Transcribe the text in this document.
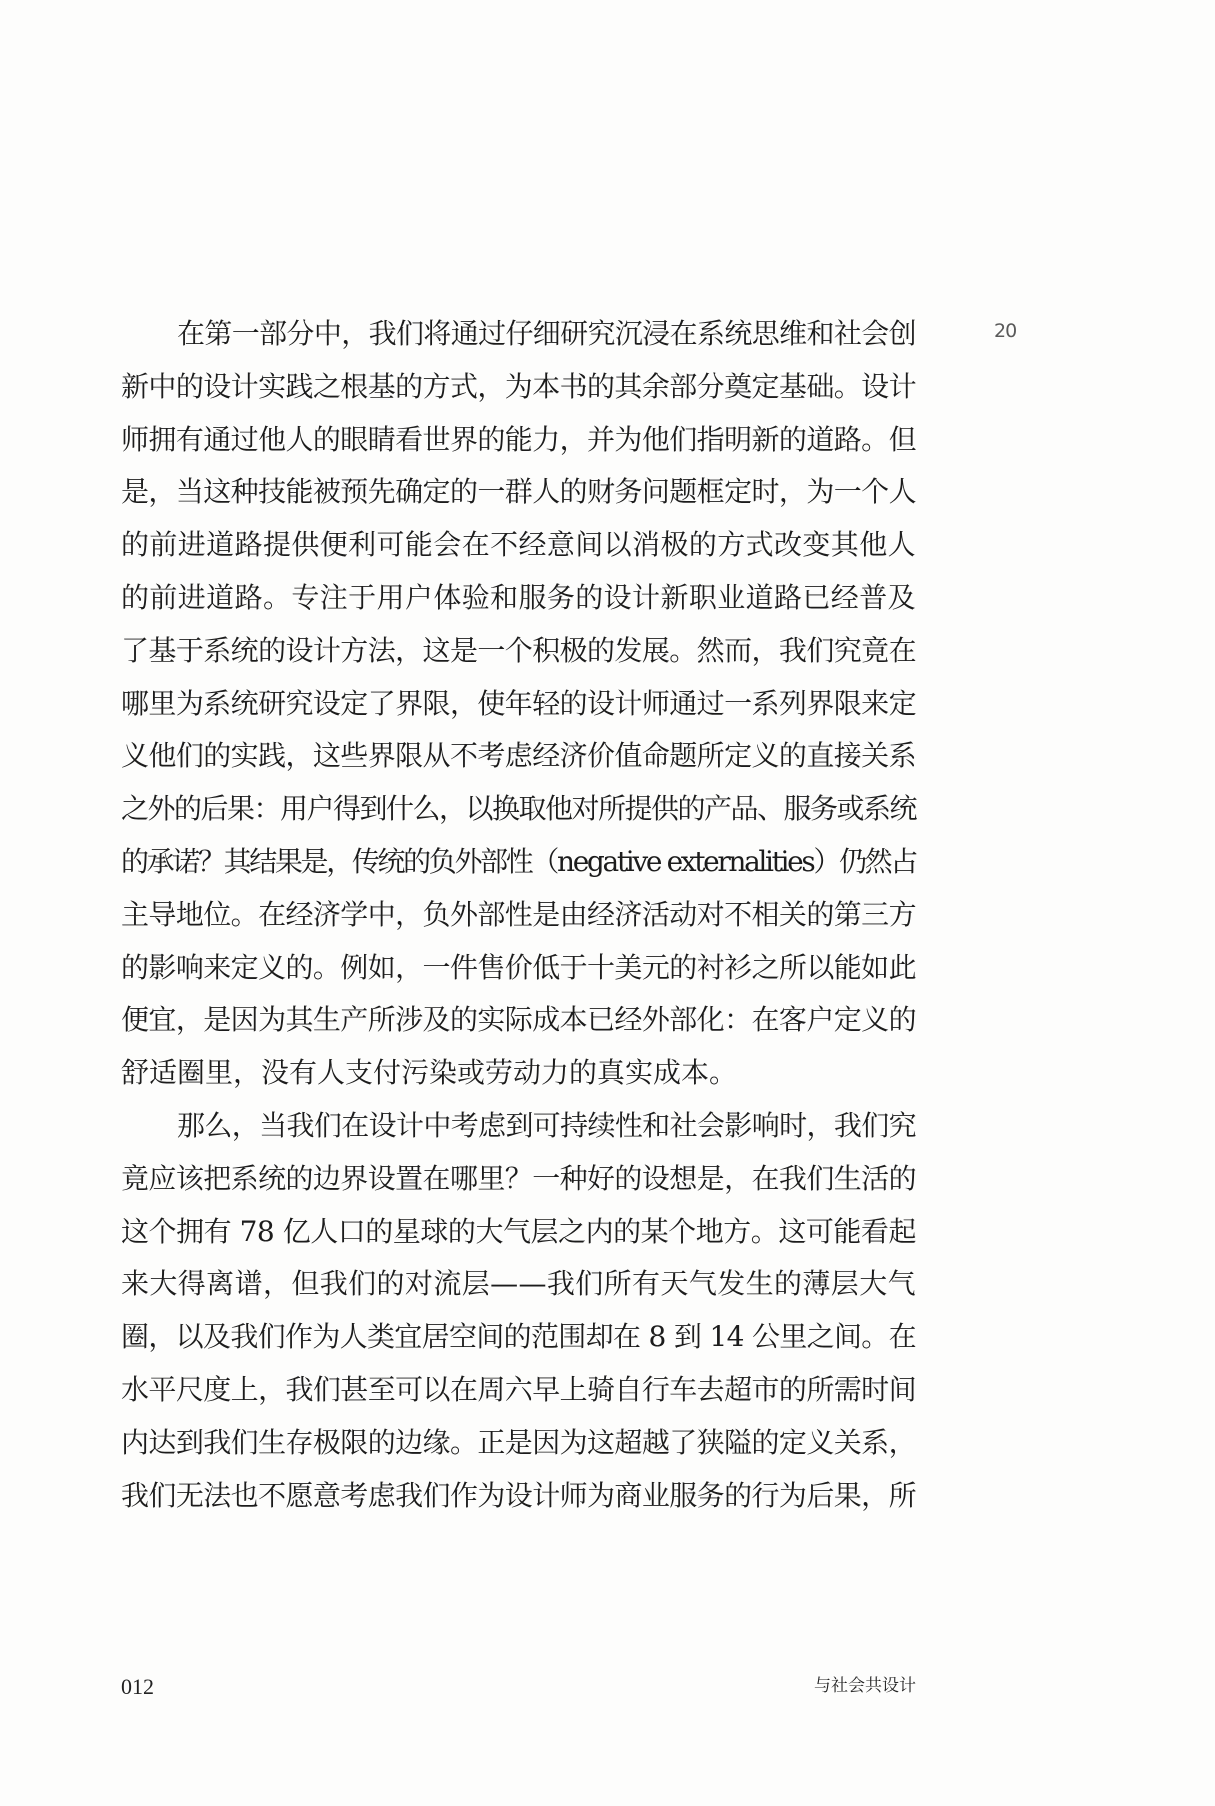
20
在第一部分中，我们将通过仔细研究沉浸在系统思维和社会创
新中的设计实践之根基的方式，为本书的其余部分奠定基础。设计
师拥有通过他人的眼睛看世界的能力，并为他们指明新的道路。但
是，当这种技能被预先确定的一群人的财务问题框定时，为一个人
的前进道路提供便利可能会在不经意间以消极的方式改变其他人
的前进道路。专注于用户体验和服务的设计新职业道路已经普及
了基于系统的设计方法，这是一个积极的发展。然而，我们究竟在
哪里为系统研究设定了界限，使年轻的设计师通过一系列界限来定
义他们的实践，这些界限从不考虑经济价值命题所定义的直接关系
之外的后果：用户得到什么，以换取他对所提供的产品、服务或系统
的承诺？其结果是，传统的负外部性（negative externalities）仍然占
主导地位。在经济学中，负外部性是由经济活动对不相关的第三方
的影响来定义的。例如，一件售价低于十美元的衬衫之所以能如此
便宜，是因为其生产所涉及的实际成本已经外部化：在客户定义的
舒适圈里，没有人支付污染或劳动力的真实成本。
那么，当我们在设计中考虑到可持续性和社会影响时，我们究
竟应该把系统的边界设置在哪里？一种好的设想是，在我们生活的
这个拥有 78 亿人口的星球的大气层之内的某个地方。这可能看起
来大得离谱，但我们的对流层——我们所有天气发生的薄层大气
圈，以及我们作为人类宜居空间的范围却在 8 到 14 公里之间。在
水平尺度上，我们甚至可以在周六早上骑自行车去超市的所需时间
内达到我们生存极限的边缘。正是因为这超越了狭隘的定义关系，
我们无法也不愿意考虑我们作为设计师为商业服务的行为后果，所
012	与社会共设计
